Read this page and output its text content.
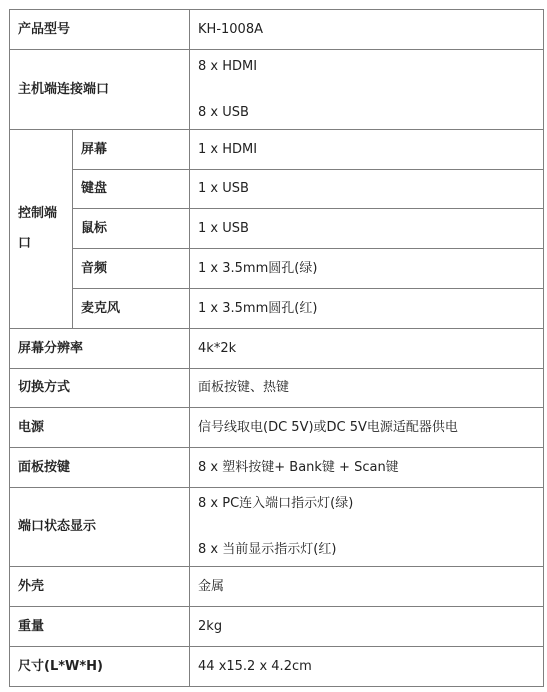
产品型号		KH-1008A
主机端连接端口		8 x HDMI
8 x USB

控制端口	屏幕	1 x HDMI
	键盘	1 x USB
	鼠标	1 x USB
	音频	1 x 3.5mm圆孔(绿)
	麦克风	1 x 3.5mm圆孔(红)
屏幕分辨率		4k*2k
切换方式		面板按键、热键
电源		信号线取电(DC 5V)或DC 5V电源适配器供电
面板按键		8 x 塑料按键+ Bank键 + Scan键
端口状态显示		8 x PC连入端口指示灯(绿)
8 x 当前显示指示灯(红)

外壳		金属
重量		2kg
尺寸(L*W*H)		44 x15.2 x 4.2cm
